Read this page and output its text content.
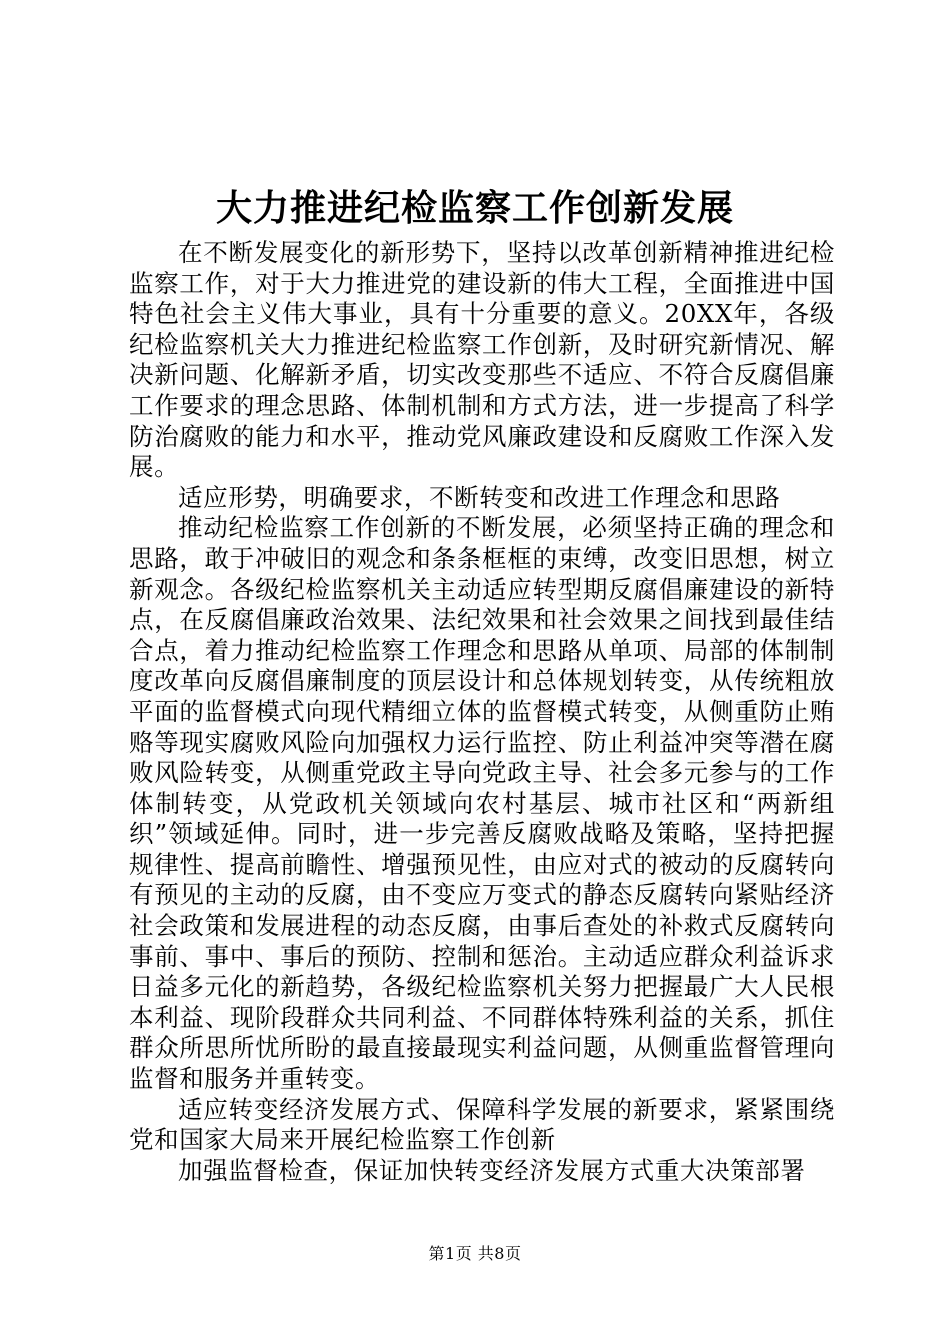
大力推进纪检监察工作创新发展

在不断发展变化的新形势下，坚持以改革创新精神推进纪检监察工作，对于大力推进党的建设新的伟大工程，全面推进中国特色社会主义伟大事业，具有十分重要的意义。20XX年，各级纪检监察机关大力推进纪检监察工作创新，及时研究新情况、解决新问题、化解新矛盾，切实改变那些不适应、不符合反腐倡廉工作要求的理念思路、体制机制和方式方法，进一步提高了科学防治腐败的能力和水平，推动党风廉政建设和反腐败工作深入发展。

适应形势，明确要求，不断转变和改进工作理念和思路

推动纪检监察工作创新的不断发展，必须坚持正确的理念和思路，敢于冲破旧的观念和条条框框的束缚，改变旧思想，树立新观念。各级纪检监察机关主动适应转型期反腐倡廉建设的新特点，在反腐倡廉政治效果、法纪效果和社会效果之间找到最佳结合点，着力推动纪检监察工作理念和思路从单项、局部的体制制度改革向反腐倡廉制度的顶层设计和总体规划转变，从传统粗放平面的监督模式向现代精细立体的监督模式转变，从侧重防止贿赂等现实腐败风险向加强权力运行监控、防止利益冲突等潜在腐败风险转变，从侧重党政主导向党政主导、社会多元参与的工作体制转变，从党政机关领域向农村基层、城市社区和“两新组织”领域延伸。同时，进一步完善反腐败战略及策略，坚持把握规律性、提高前瞻性、增强预见性，由应对式的被动的反腐转向有预见的主动的反腐，由不变应万变式的静态反腐转向紧贴经济社会政策和发展进程的动态反腐，由事后查处的补救式反腐转向事前、事中、事后的预防、控制和惩治。主动适应群众利益诉求日益多元化的新趋势，各级纪检监察机关努力把握最广大人民根本利益、现阶段群众共同利益、不同群体特殊利益的关系，抓住群众所思所忧所盼的最直接最现实利益问题，从侧重监督管理向监督和服务并重转变。

适应转变经济发展方式、保障科学发展的新要求，紧紧围绕党和国家大局来开展纪检监察工作创新

加强监督检查，保证加快转变经济发展方式重大决策部署

第1页 共8页
